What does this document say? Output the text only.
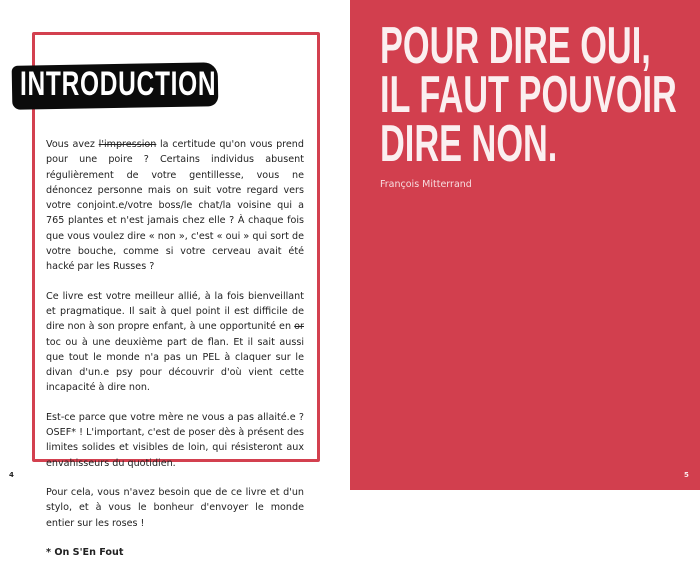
INTRODUCTION

Vous avez l'impression la certitude qu'on vous prend pour une poire ? Certains individus abusent régulièrement de votre gentillesse, vous ne dénoncez personne mais on suit votre regard vers votre conjoint.e/votre boss/le chat/la voisine qui a 765 plantes et n'est jamais chez elle ? À chaque fois que vous voulez dire « non », c'est « oui » qui sort de votre bouche, comme si votre cerveau avait été hacké par les Russes ?

Ce livre est votre meilleur allié, à la fois bienveillant et pragmatique. Il sait à quel point il est difficile de dire non à son propre enfant, à une opportunité en or toc ou à une deuxième part de flan. Et il sait aussi que tout le monde n'a pas un PEL à claquer sur le divan d'un.e psy pour découvrir d'où vient cette incapacité à dire non.

Est-ce parce que votre mère ne vous a pas allaité.e ? OSEF* ! L'important, c'est de poser dès à présent des limites solides et visibles de loin, qui résisteront aux envahisseurs du quotidien.

Pour cela, vous n'avez besoin que de ce livre et d'un stylo, et à vous le bonheur d'envoyer le monde entier sur les roses !

* On S'En Fout

4	5
POUR DIRE OUI,
IL FAUT POUVOIR
DIRE NON.
François Mitterrand
